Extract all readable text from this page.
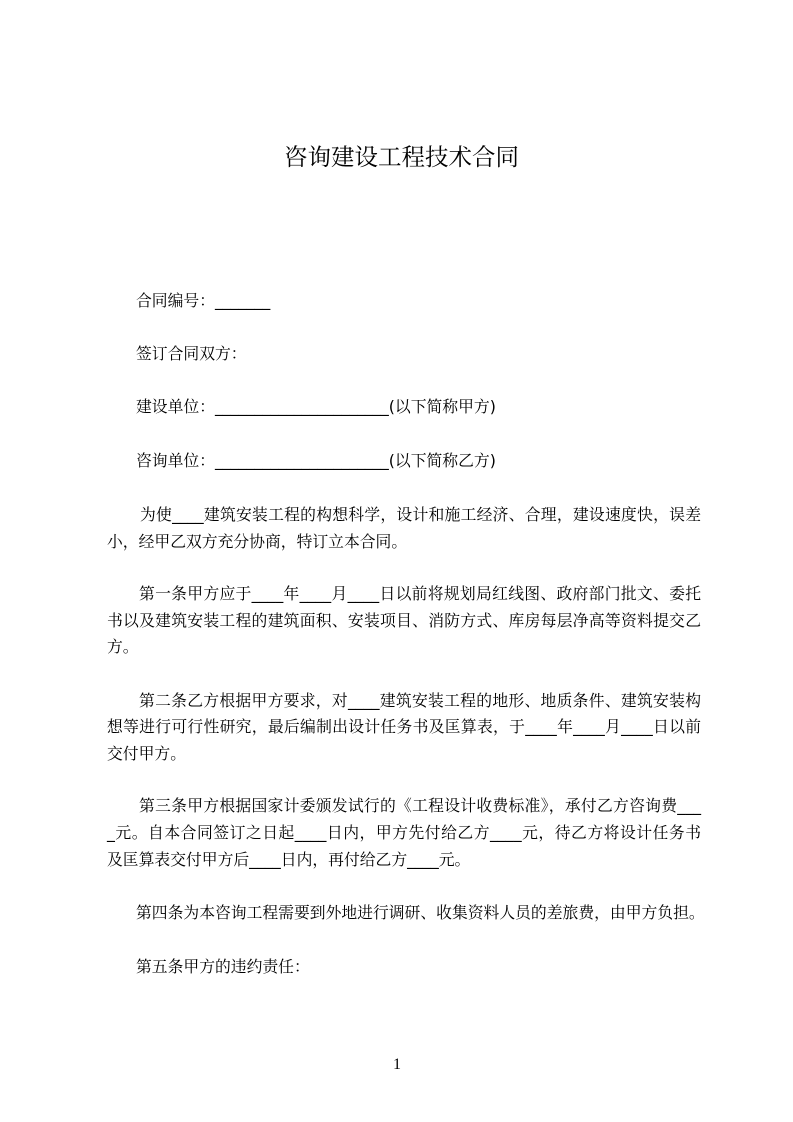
咨询建设工程技术合同
合同编号：_______
签订合同双方：
建设单位：______________________(以下简称甲方)
咨询单位：______________________(以下简称乙方)
为使____建筑安装工程的构想科学，设计和施工经济、合理，建设速度快，误差
小，经甲乙双方充分协商，特订立本合同。
第一条甲方应于____年____月____日以前将规划局红线图、政府部门批文、委托
书以及建筑安装工程的建筑面积、安装项目、消防方式、库房每层净高等资料提交乙
方。
第二条乙方根据甲方要求，对____建筑安装工程的地形、地质条件、建筑安装构
想等进行可行性研究，最后编制出设计任务书及匡算表，于____年____月____日以前
交付甲方。
第三条甲方根据国家计委颁发试行的《工程设计收费标准》，承付乙方咨询费___
_元。自本合同签订之日起____日内，甲方先付给乙方____元，待乙方将设计任务书
及匡算表交付甲方后____日内，再付给乙方____元。
第四条为本咨询工程需要到外地进行调研、收集资料人员的差旅费，由甲方负担。
第五条甲方的违约责任：
1
